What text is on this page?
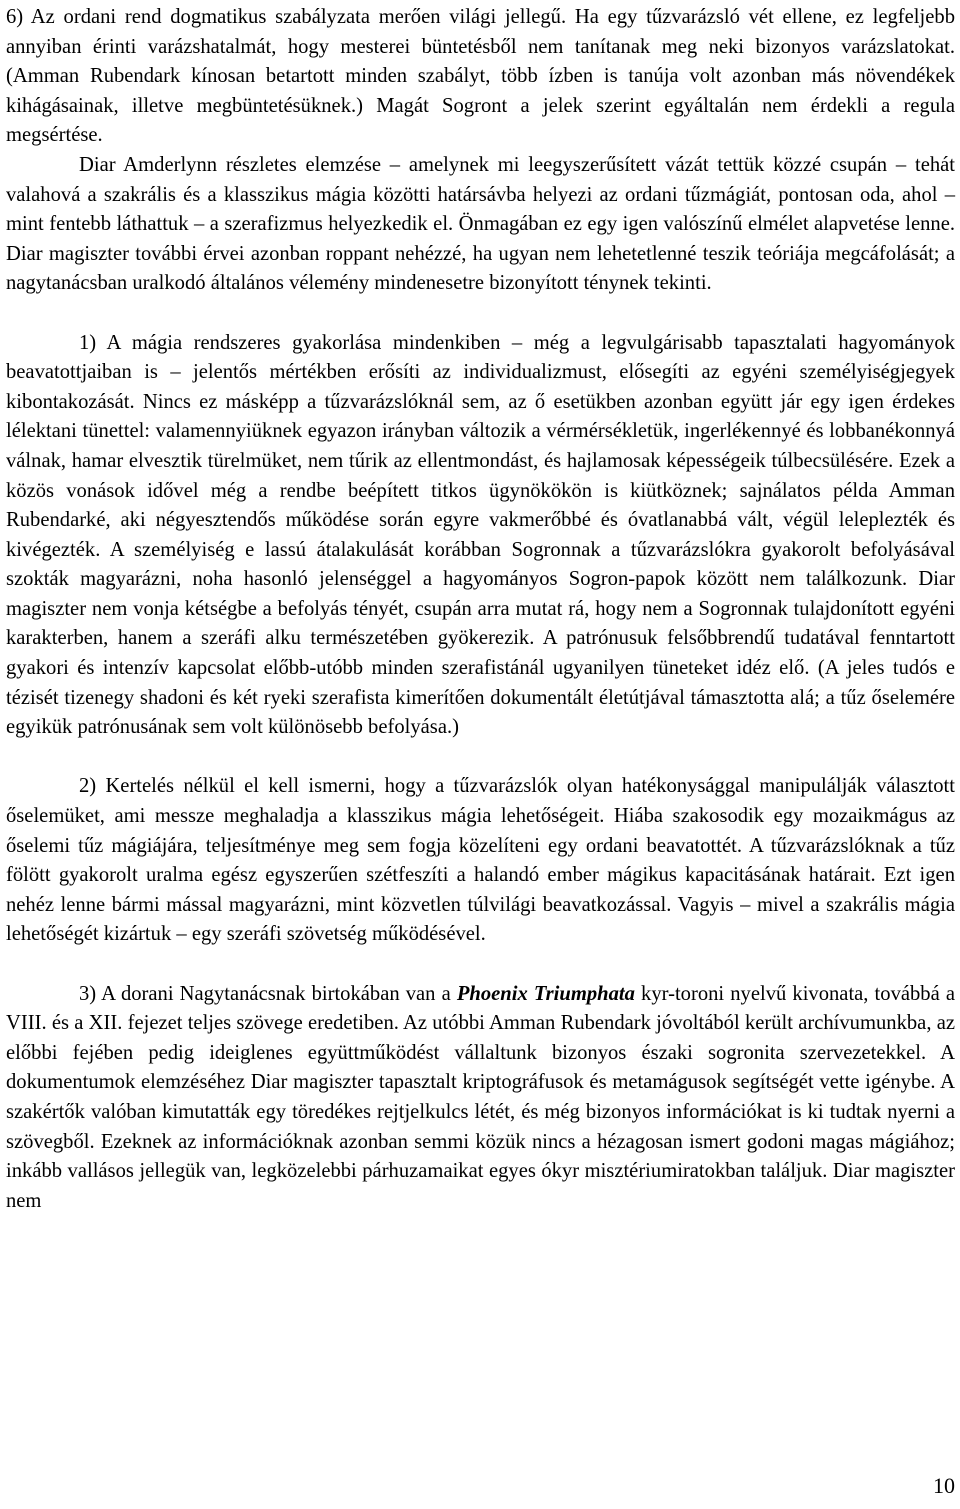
6) Az ordani rend dogmatikus szabályzata merően világi jellegű. Ha egy tűzvarázsló vét ellene, ez legfeljebb annyiban érinti varázshatalmát, hogy mesterei büntetésből nem tanítanak meg neki bizonyos varázslatokat. (Amman Rubendark kínosan betartott minden szabályt, több ízben is tanúja volt azonban más növendékek kihágásainak, illetve megbüntetésüknek.) Magát Sogront a jelek szerint egyáltalán nem érdekli a regula megsértése.

Diar Amderlynn részletes elemzése – amelynek mi leegyszerűsített vázát tettük közzé csupán – tehát valahová a szakrális és a klasszikus mágia közötti határsávba helyezi az ordani tűzmágiát, pontosan oda, ahol – mint fentebb láthattuk – a szerafizmus helyezkedik el. Önmagában ez egy igen valószínű elmélet alapvetése lenne. Diar magiszter további érvei azonban roppant nehézzé, ha ugyan nem lehetetlenné teszik teóriája megcáfolását; a nagytanácsban uralkodó általános vélemény mindenesetre bizonyított ténynek tekinti.

1) A mágia rendszeres gyakorlása mindenkiben – még a legvulgárisabb tapasztalati hagyományok beavatottjaiban is – jelentős mértékben erősíti az individualizmust, elősegíti az egyéni személyiségjegyek kibontakozását. Nincs ez másképp a tűzvarázslóknál sem, az ő esetükben azonban együtt jár egy igen érdekes lélektani tünettel: valamennyiüknek egyazon irányban változik a vérmérsékletük, ingerlékennyé és lobbanékonnyá válnak, hamar elvesztik türelmüket, nem tűrik az ellentmondást, és hajlamosak képességeik túlbecsülésére. Ezek a közös vonások idővel még a rendbe beépített titkos ügynökökön is kiütköznek; sajnálatos példa Amman Rubendarké, aki négyesztendős működése során egyre vakmerőbbé és óvatlanabbá vált, végül leleplezték és kivégezték. A személyiség e lassú átalakulását korábban Sogronnak a tűzvarázslókra gyakorolt befolyásával szokták magyarázni, noha hasonló jelenséggel a hagyományos Sogron-papok között nem találkozunk. Diar magiszter nem vonja kétségbe a befolyás tényét, csupán arra mutat rá, hogy nem a Sogronnak tulajdonított egyéni karakterben, hanem a szeráfi alku természetében gyökerezik. A patrónusuk felsőbbrendű tudatával fenntartott gyakori és intenzív kapcsolat előbb-utóbb minden szerafistánál ugyanilyen tüneteket idéz elő. (A jeles tudós e tézisét tizenegy shadoni és két ryeki szerafista kimerítően dokumentált életútjával támasztotta alá; a tűz őselemére egyikük patrónusának sem volt különösebb befolyása.)

2) Kertelés nélkül el kell ismerni, hogy a tűzvarázslók olyan hatékonysággal manipulálják választott őselemüket, ami messze meghaladja a klasszikus mágia lehetőségeit. Hiába szakosodik egy mozaikmágus az őselemi tűz mágiájára, teljesítménye meg sem fogja közelíteni egy ordani beavatottét. A tűzvarázslóknak a tűz fölött gyakorolt uralma egész egyszerűen szétfeszíti a halandó ember mágikus kapacitásának határait. Ezt igen nehéz lenne bármi mással magyarázni, mint közvetlen túlvilági beavatkozással. Vagyis – mivel a szakrális mágia lehetőségét kizártuk – egy szeráfi szövetség működésével.

3) A dorani Nagytanácsnak birtokában van a Phoenix Triumphata kyr-toroni nyelvű kivonata, továbbá a VIII. és a XII. fejezet teljes szövege eredetiben. Az utóbbi Amman Rubendark jóvoltából került archívumunkba, az előbbi fejében pedig ideiglenes együttműködést vállaltunk bizonyos északi sogronita szervezetekkel. A dokumentumok elemzéséhez Diar magiszter tapasztalt kriptográfusok és metamágusok segítségét vette igénybe. A szakértők valóban kimutatták egy töredékes rejtjelkulcs létét, és még bizonyos információkat is ki tudtak nyerni a szövegből. Ezeknek az információknak azonban semmi közük nincs a hézagosan ismert godoni magas mágiához; inkább vallásos jellegük van, legközelebbi párhuzamaikat egyes ókyr misztériumiratokban találjuk. Diar magiszter nem

10
